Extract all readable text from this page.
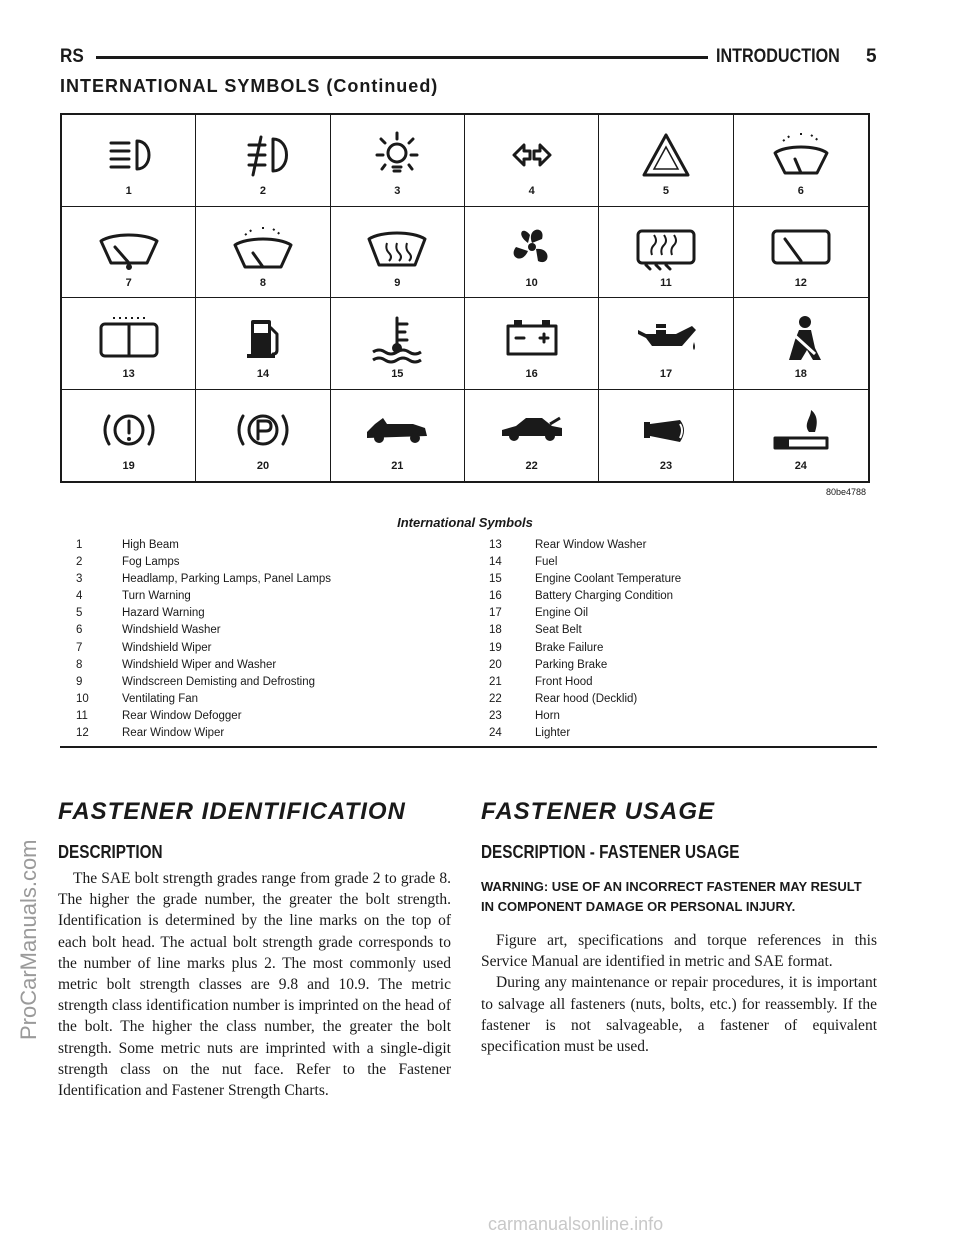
RS	INTRODUCTION 5
INTERNATIONAL SYMBOLS (Continued)
1	2	3	4	5	6
7	8	9	10	11	12
13	14	15	16	17	18
19	20	21	22	23	24
80be4788
International Symbols
1	High Beam
2	Fog Lamps
3	Headlamp, Parking Lamps, Panel Lamps
4	Turn Warning
5	Hazard Warning
6	Windshield Washer
7	Windshield Wiper
8	Windshield Wiper and Washer
9	Windscreen Demisting and Defrosting
10	Ventilating Fan
11	Rear Window Defogger
12	Rear Window Wiper
13	Rear Window Washer
14	Fuel
15	Engine Coolant Temperature
16	Battery Charging Condition
17	Engine Oil
18	Seat Belt
19	Brake Failure
20	Parking Brake
21	Front Hood
22	Rear hood (Decklid)
23	Horn
24	Lighter
FASTENER IDENTIFICATION
DESCRIPTION

The SAE bolt strength grades range from grade 2 to grade 8. The higher the grade number, the greater the bolt strength. Identification is determined by the line marks on the top of each bolt head. The actual bolt strength grade corresponds to the number of line marks plus 2. The most commonly used metric bolt strength classes are 9.8 and 10.9. The metric strength class identification number is imprinted on the head of the bolt. The higher the class number, the greater the bolt strength. Some metric nuts are imprinted with a single-digit strength class on the nut face. Refer to the Fastener Identification and Fastener Strength Charts.

FASTENER USAGE
DESCRIPTION - FASTENER USAGE

WARNING: USE OF AN INCORRECT FASTENER MAY RESULT IN COMPONENT DAMAGE OR PERSONAL INJURY.

Figure art, specifications and torque references in this Service Manual are identified in metric and SAE format.

During any maintenance or repair procedures, it is important to salvage all fasteners (nuts, bolts, etc.) for reassembly. If the fastener is not salvageable, a fastener of equivalent specification must be used.

ProCarManuals.com
carmanualsonline.info
